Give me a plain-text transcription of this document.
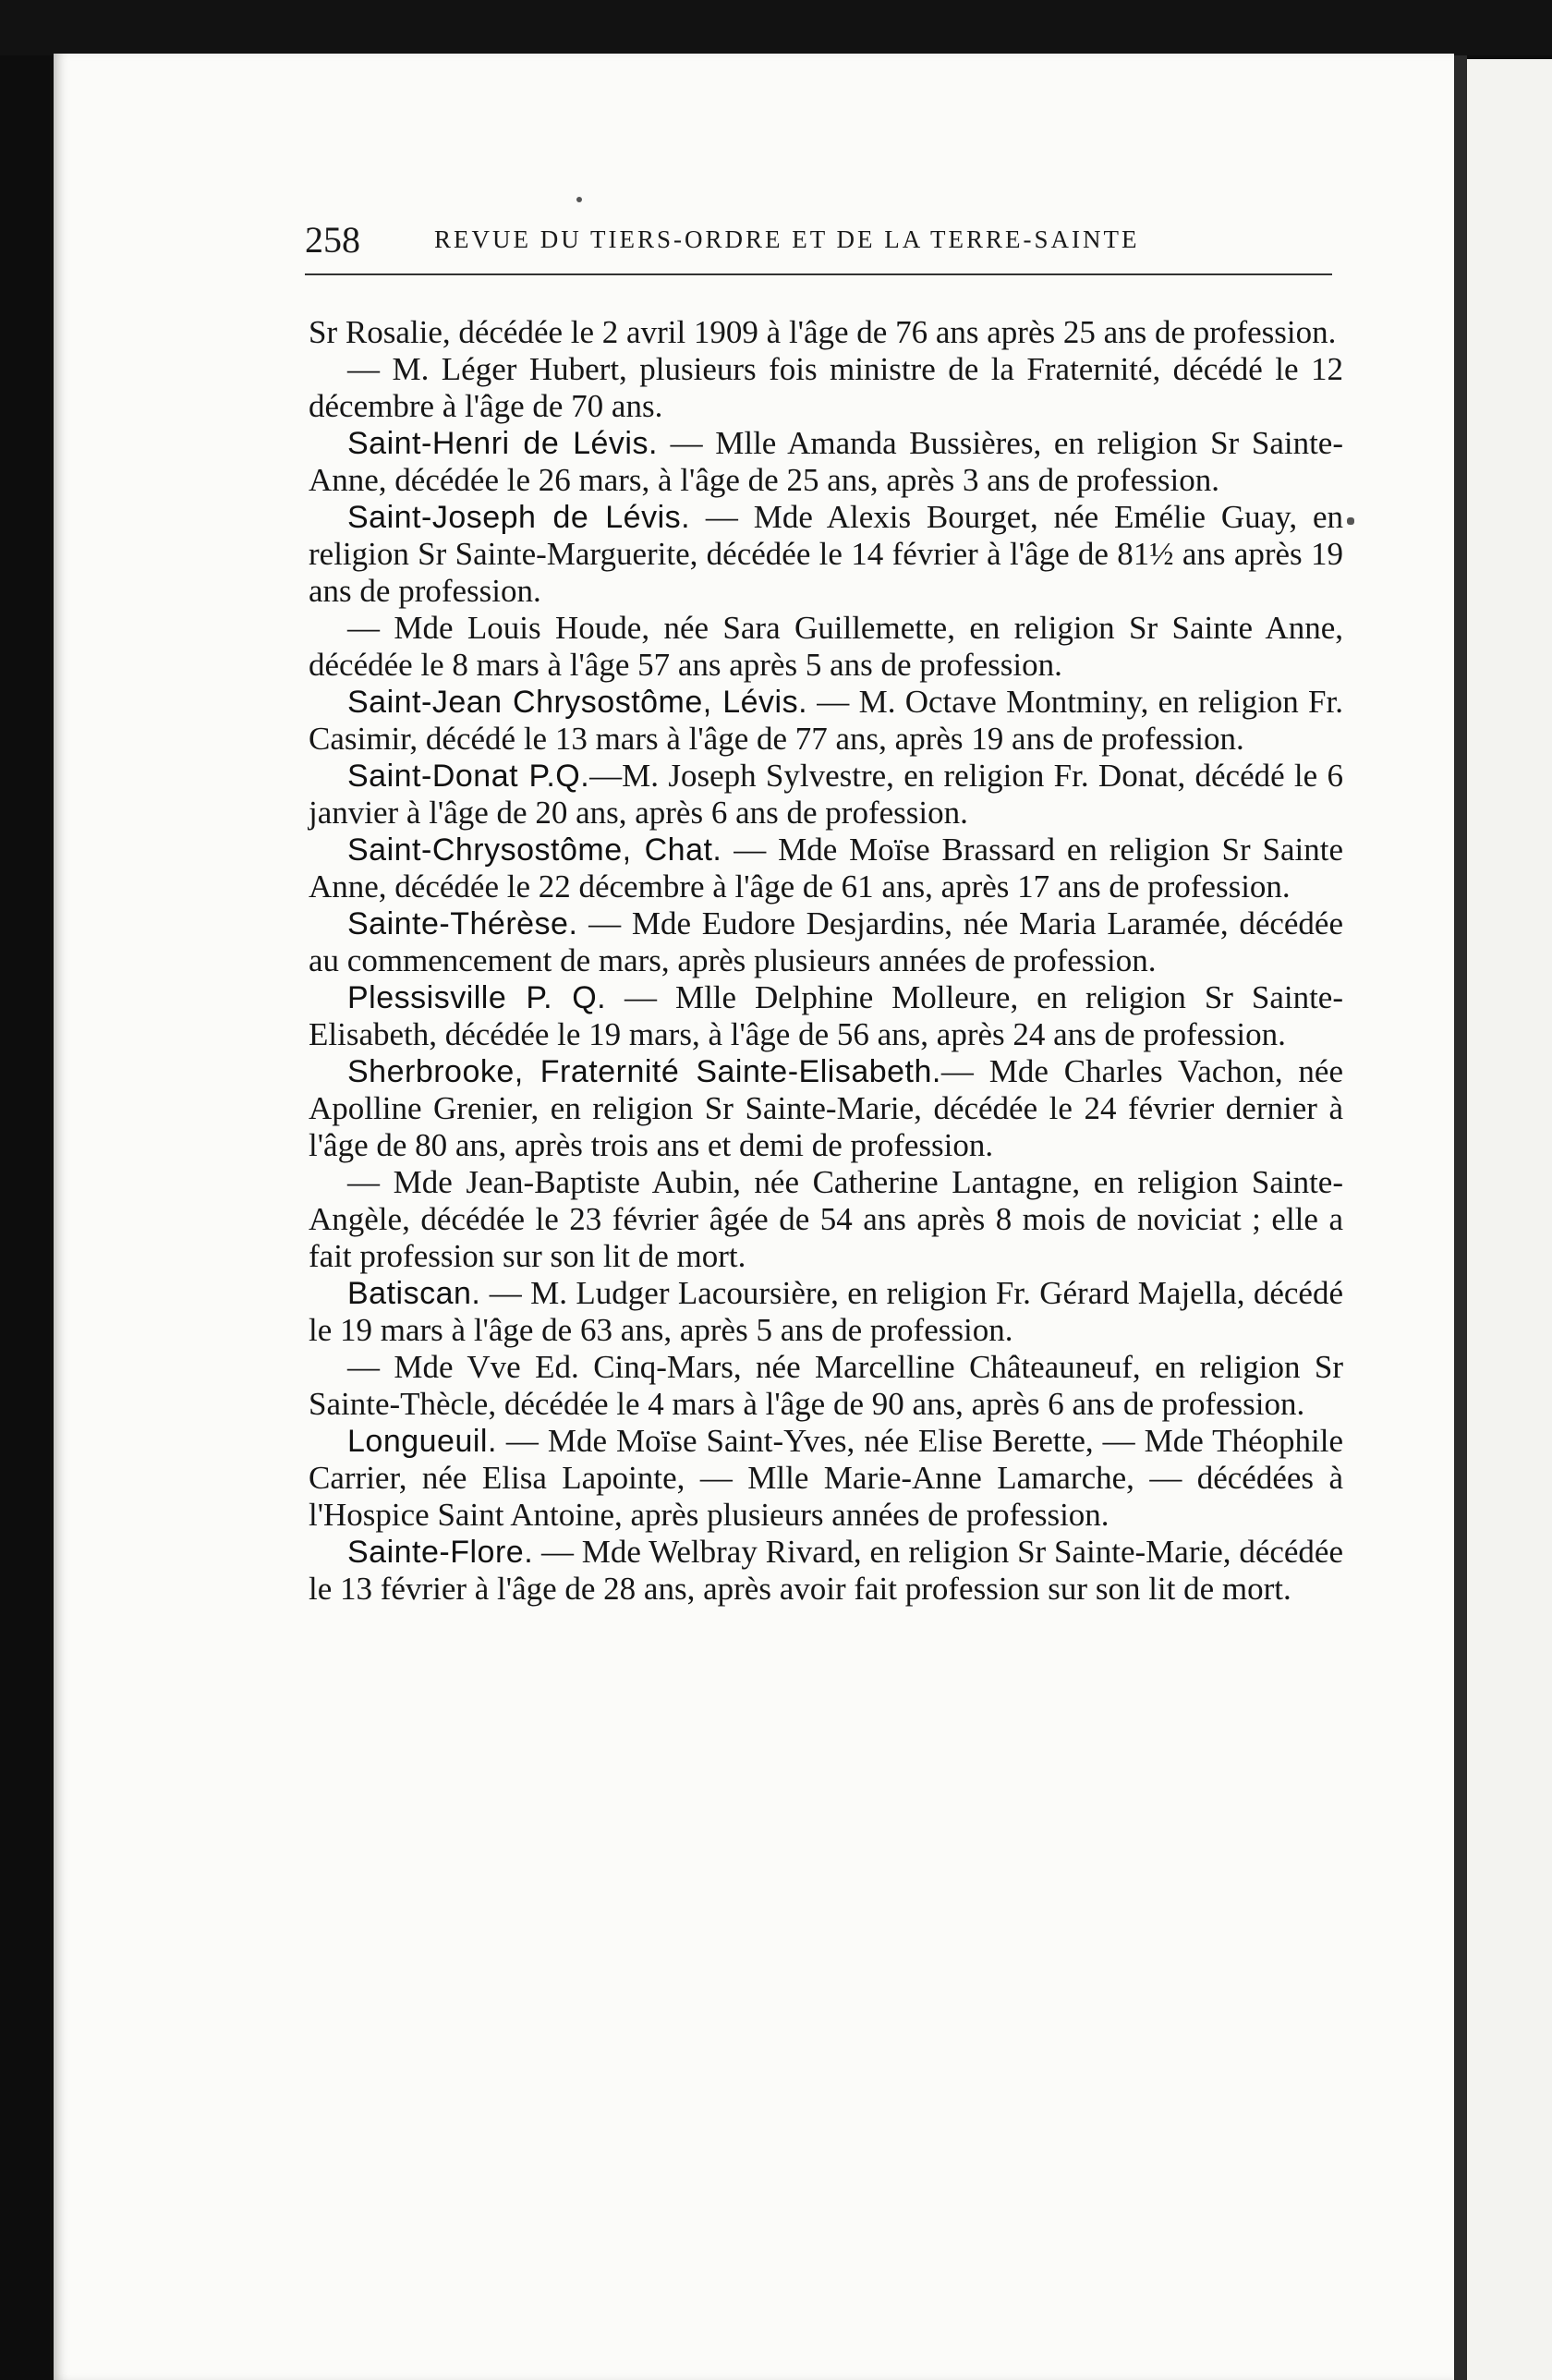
258	REVUE DU TIERS-ORDRE ET DE LA TERRE-SAINTE

Sr Rosalie, décédée le 2 avril 1909 à l'âge de 76 ans après 25 ans de profession.

— M. Léger Hubert, plusieurs fois ministre de la Fraternité, décédé le 12 décembre à l'âge de 70 ans.

Saint-Henri de Lévis. — Mlle Amanda Bussières, en religion Sr Sainte-Anne, décédée le 26 mars, à l'âge de 25 ans, après 3 ans de profession.

Saint-Joseph de Lévis. — Mde Alexis Bourget, née Emélie Guay, en religion Sr Sainte-Marguerite, décédée le 14 février à l'âge de 81½ ans après 19 ans de profession.

— Mde Louis Houde, née Sara Guillemette, en religion Sr Sainte Anne, décédée le 8 mars à l'âge 57 ans après 5 ans de profession.

Saint-Jean Chrysostôme, Lévis. — M. Octave Montminy, en religion Fr. Casimir, décédé le 13 mars à l'âge de 77 ans, après 19 ans de profession.

Saint-Donat P.Q.—M. Joseph Sylvestre, en religion Fr. Donat, décédé le 6 janvier à l'âge de 20 ans, après 6 ans de profession.

Saint-Chrysostôme, Chat. — Mde Moïse Brassard en religion Sr Sainte Anne, décédée le 22 décembre à l'âge de 61 ans, après 17 ans de profession.

Sainte-Thérèse. — Mde Eudore Desjardins, née Maria Laramée, décédée au commencement de mars, après plusieurs années de profession.

Plessisville P. Q. — Mlle Delphine Molleure, en religion Sr Sainte-Elisabeth, décédée le 19 mars, à l'âge de 56 ans, après 24 ans de profession.

Sherbrooke, Fraternité Sainte-Elisabeth.— Mde Charles Vachon, née Apolline Grenier, en religion Sr Sainte-Marie, décédée le 24 février dernier à l'âge de 80 ans, après trois ans et demi de profession.

— Mde Jean-Baptiste Aubin, née Catherine Lantagne, en religion Sainte-Angèle, décédée le 23 février âgée de 54 ans après 8 mois de noviciat ; elle a fait profession sur son lit de mort.

Batiscan. — M. Ludger Lacoursière, en religion Fr. Gérard Majella, décédé le 19 mars à l'âge de 63 ans, après 5 ans de profession.

— Mde Vve Ed. Cinq-Mars, née Marcelline Châteauneuf, en religion Sr Sainte-Thècle, décédée le 4 mars à l'âge de 90 ans, après 6 ans de profession.

Longueuil. — Mde Moïse Saint-Yves, née Elise Berette, — Mde Théophile Carrier, née Elisa Lapointe, — Mlle Marie-Anne Lamarche, — décédées à l'Hospice Saint Antoine, après plusieurs années de profession.

Sainte-Flore. — Mde Welbray Rivard, en religion Sr Sainte-Marie, décédée le 13 février à l'âge de 28 ans, après avoir fait profession sur son lit de mort.
